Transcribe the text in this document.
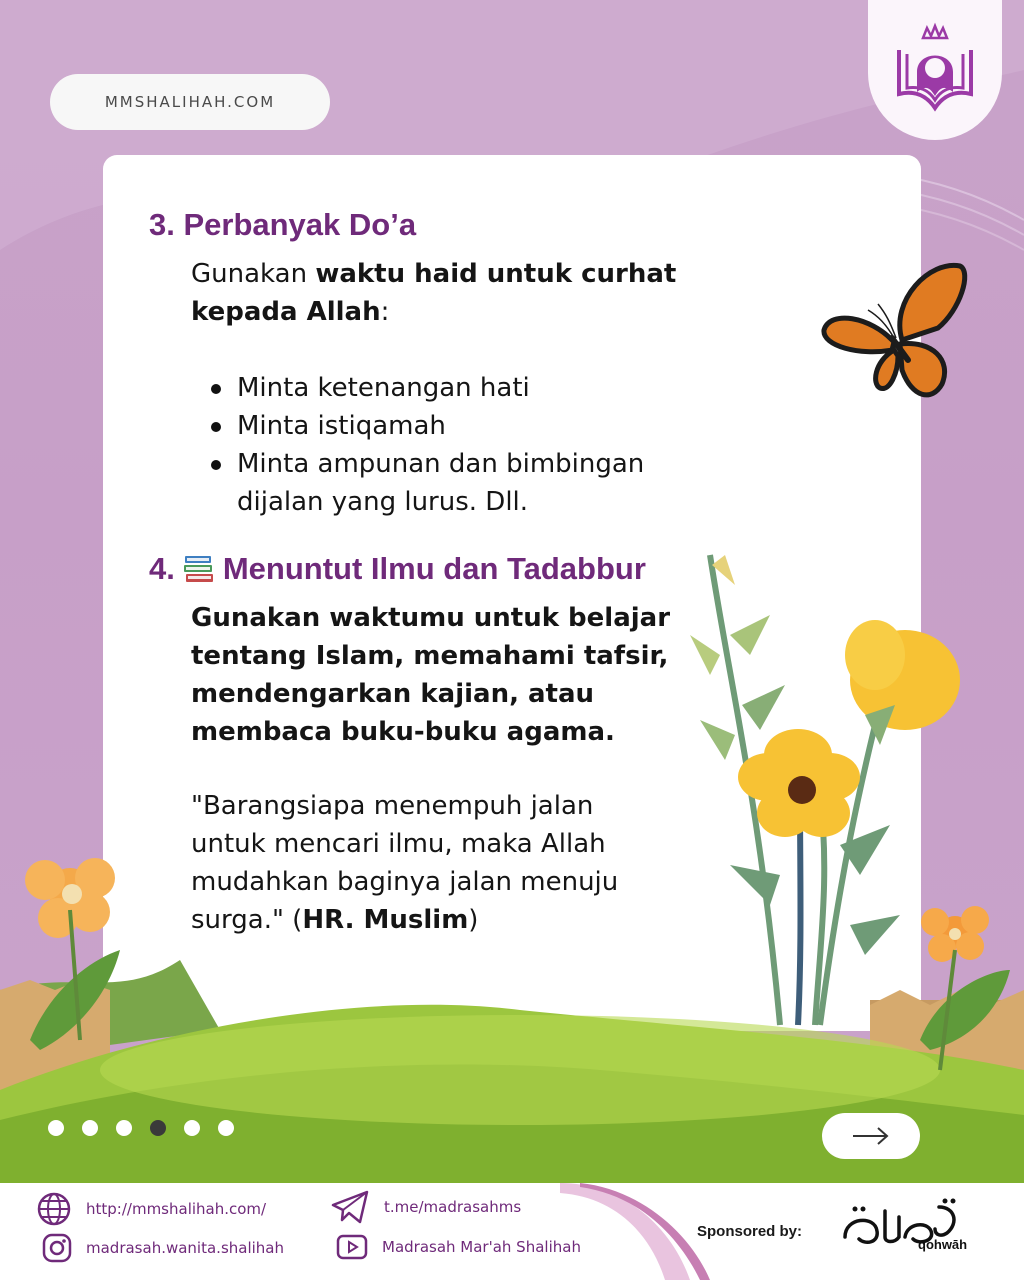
MMSHALIHAH.COM
3. Perbanyak Do’a

Gunakan waktu haid untuk curhat kepada Allah:

Minta ketenangan hati
Minta istiqamah
Minta ampunan dan bimbingan dijalan yang lurus. Dll.
4. Menuntut Ilmu dan Tadabbur

Gunakan waktumu untuk belajar tentang Islam, memahami tafsir, mendengarkan kajian, atau membaca buku-buku agama.

"Barangsiapa menempuh jalan untuk mencari ilmu, maka Allah mudahkan baginya jalan menuju surga." (HR. Muslim)

http://mmshalihah.com/
madrasah.wanita.shalihah
t.me/madrasahms
Madrasah Mar'ah Shalihah
Sponsored by:
qohwāh
